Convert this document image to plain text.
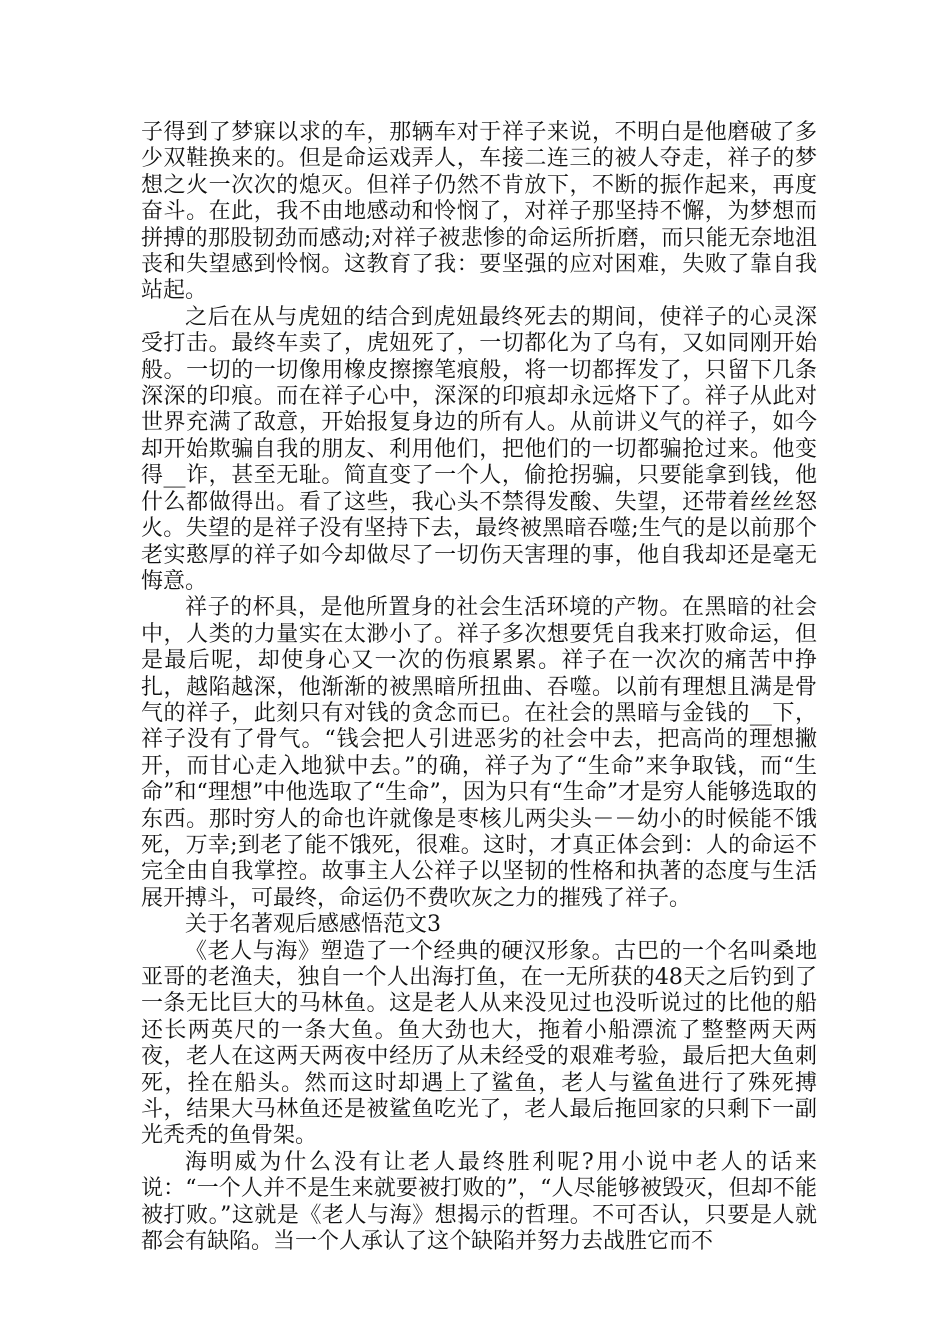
子得到了梦寐以求的车，那辆车对于祥子来说，不明白是他磨破了多少双鞋换来的。但是命运戏弄人，车接二连三的被人夺走，祥子的梦想之火一次次的熄灭。但祥子仍然不肯放下，不断的振作起来，再度奋斗。在此，我不由地感动和怜悯了，对祥子那坚持不懈，为梦想而拼搏的那股韧劲而感动;对祥子被悲惨的命运所折磨，而只能无奈地沮丧和失望感到怜悯。这教育了我：要坚强的应对困难，失败了靠自我站起。

之后在从与虎妞的结合到虎妞最终死去的期间，使祥子的心灵深受打击。最终车卖了，虎妞死了，一切都化为了乌有，又如同刚开始般。一切的一切像用橡皮擦擦笔痕般，将一切都挥发了，只留下几条深深的印痕。而在祥子心中，深深的印痕却永远烙下了。祥子从此对世界充满了敌意，开始报复身边的所有人。从前讲义气的祥子，如今却开始欺骗自我的朋友、利用他们，把他们的一切都骗抢过来。他变得__诈，甚至无耻。简直变了一个人，偷抢拐骗，只要能拿到钱，他什么都做得出。看了这些，我心头不禁得发酸、失望，还带着丝丝怒火。失望的是祥子没有坚持下去，最终被黑暗吞噬;生气的是以前那个老实憨厚的祥子如今却做尽了一切伤天害理的事，他自我却还是毫无悔意。

祥子的杯具，是他所置身的社会生活环境的产物。在黑暗的社会中，人类的力量实在太渺小了。祥子多次想要凭自我来打败命运，但是最后呢，却使身心又一次的伤痕累累。祥子在一次次的痛苦中挣扎，越陷越深，他渐渐的被黑暗所扭曲、吞噬。以前有理想且满是骨气的祥子，此刻只有对钱的贪念而已。在社会的黑暗与金钱的__下，祥子没有了骨气。“钱会把人引进恶劣的社会中去，把高尚的理想撇开，而甘心走入地狱中去。”的确，祥子为了“生命”来争取钱，而“生命”和“理想”中他选取了“生命”，因为只有“生命”才是穷人能够选取的东西。那时穷人的命也许就像是枣核儿两尖头－－幼小的时候能不饿死，万幸;到老了能不饿死，很难。这时，才真正体会到：人的命运不完全由自我掌控。故事主人公祥子以坚韧的性格和执著的态度与生活展开搏斗，可最终，命运仍不费吹灰之力的摧残了祥子。

关于名著观后感感悟范文3

《老人与海》塑造了一个经典的硬汉形象。古巴的一个名叫桑地亚哥的老渔夫，独自一个人出海打鱼，在一无所获的48天之后钓到了一条无比巨大的马林鱼。这是老人从来没见过也没听说过的比他的船还长两英尺的一条大鱼。鱼大劲也大，拖着小船漂流了整整两天两夜，老人在这两天两夜中经历了从未经受的艰难考验，最后把大鱼刺死，拴在船头。然而这时却遇上了鲨鱼，老人与鲨鱼进行了殊死搏斗，结果大马林鱼还是被鲨鱼吃光了，老人最后拖回家的只剩下一副光秃秃的鱼骨架。

海明威为什么没有让老人最终胜利呢?用小说中老人的话来说：“一个人并不是生来就要被打败的”，“人尽能够被毁灭，但却不能被打败。”这就是《老人与海》想揭示的哲理。不可否认，只要是人就都会有缺陷。当一个人承认了这个缺陷并努力去战胜它而不
